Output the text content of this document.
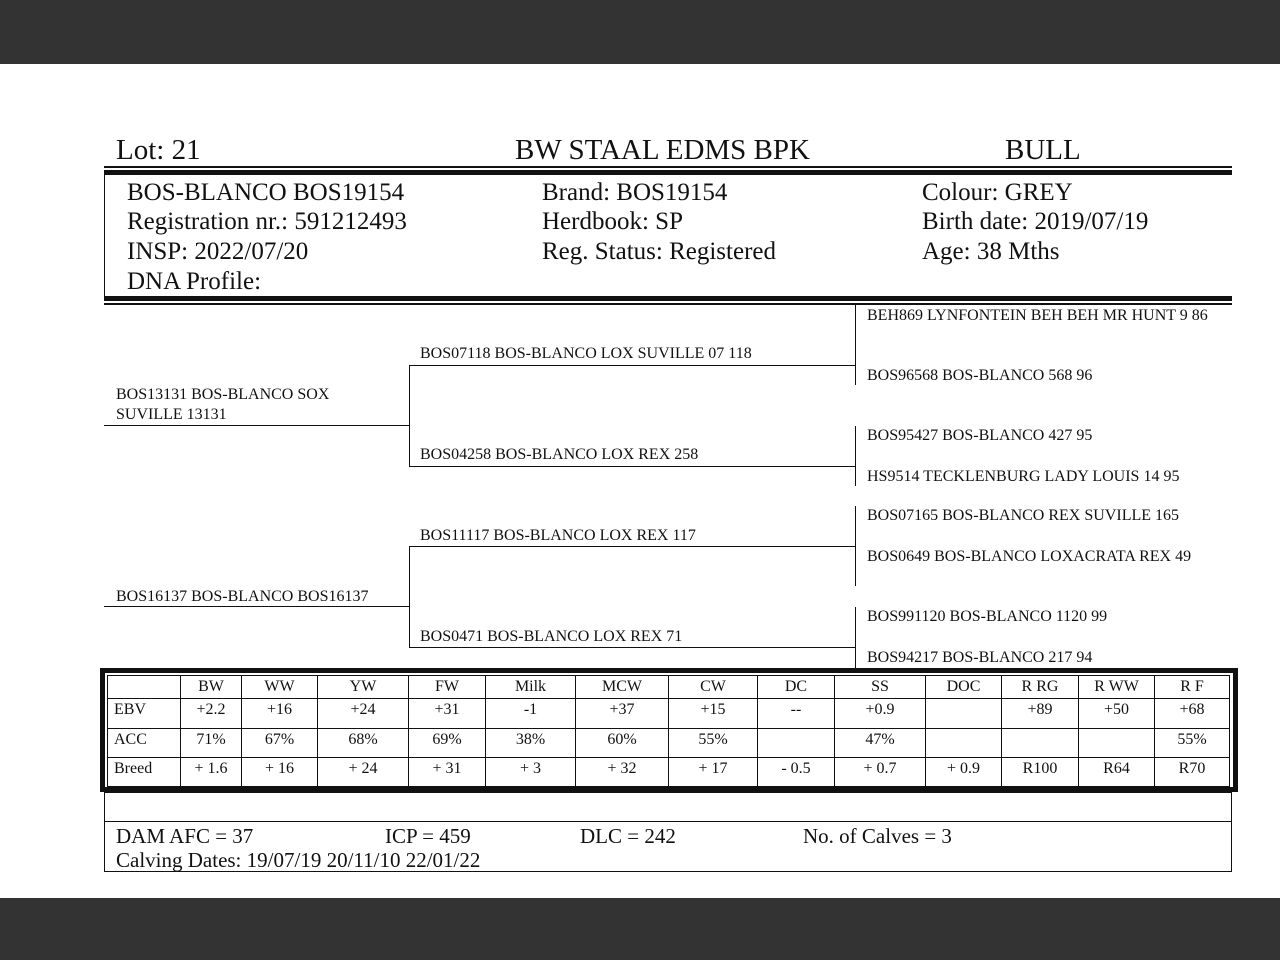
Lot: 21	BW STAAL EDMS BPK	BULL
BOS-BLANCO BOS19154
Registration nr.: 591212493
INSP: 2022/07/20
DNA Profile:
Brand: BOS19154
Herdbook: SP
Reg. Status: Registered
Colour: GREY
Birth date: 2019/07/19
Age: 38 Mths
BOS13131 BOS-BLANCO SOX SUVILLE 13131
BOS16137 BOS-BLANCO BOS16137
BOS07118 BOS-BLANCO LOX SUVILLE 07 118
BOS04258 BOS-BLANCO LOX REX 258
BOS11117 BOS-BLANCO LOX REX 117
BOS0471 BOS-BLANCO LOX REX 71
BEH869 LYNFONTEIN BEH BEH MR HUNT 9 86
BOS96568 BOS-BLANCO 568 96
BOS95427 BOS-BLANCO 427 95
HS9514 TECKLENBURG LADY LOUIS 14 95
BOS07165 BOS-BLANCO REX SUVILLE 165
BOS0649 BOS-BLANCO LOXACRATA REX 49
BOS991120 BOS-BLANCO 1120 99
BOS94217 BOS-BLANCO 217 94
	BW	WW	YW	FW	Milk	MCW	CW	DC	SS	DOC	R RG	R WW	R F
EBV	+2.2	+16	+24	+31	-1	+37	+15	--	+0.9		+89	+50	+68
ACC	71%	67%	68%	69%	38%	60%	55%		47%				55%
Breed	+ 1.6	+ 16	+ 24	+ 31	+ 3	+ 32	+ 17	- 0.5	+ 0.7	+ 0.9	R100	R64	R70
DAM AFC = 37	ICP = 459	DLC = 242	No. of Calves = 3
Calving Dates: 19/07/19 20/11/10 22/01/22
